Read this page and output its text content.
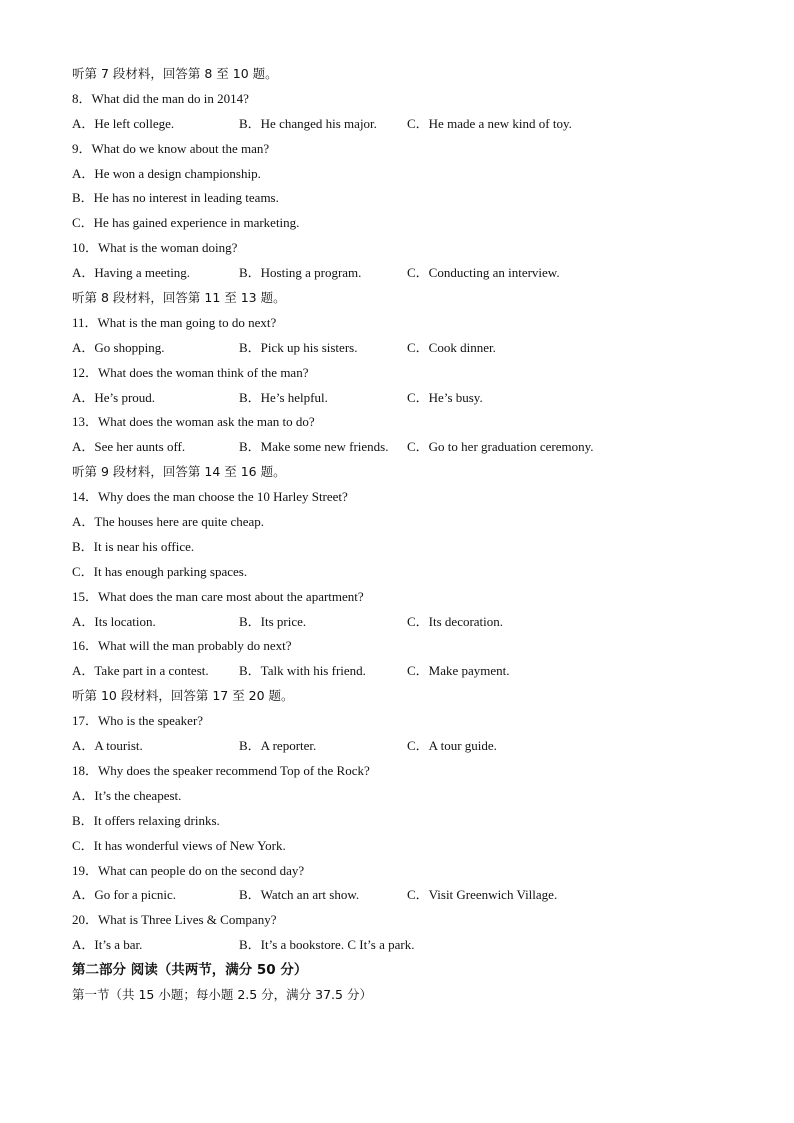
听第 7 段材料，回答第 8 至 10 题。
8．What did the man do in 2014?
A．He left college.	B．He changed his major. C．He made a new kind of toy.
9．What do we know about the man?
A．He won a design championship.
B．He has no interest in leading teams.
C．He has gained experience in marketing.
10．What is the woman doing?
A．Having a meeting.	B．Hosting a program.	C．Conducting an interview.
听第 8 段材料，回答第 11 至 13 题。
11．What is the man going to do next?
A．Go shopping.	B．Pick up his sisters.	C．Cook dinner.
12．What does the woman think of the man?
A．He’s proud.	B．He’s helpful.	C．He’s busy.
13．What does the woman ask the man to do?
A．See her aunts off.	B．Make some new friends. C．Go to her graduation ceremony.
听第 9 段材料，回答第 14 至 16 题。
14．Why does the man choose the 10 Harley Street?
A．The houses here are quite cheap.
B．It is near his office.
C．It has enough parking spaces.
15．What does the man care most about the apartment?
A．Its location.	B．Its price.	C．Its decoration.
16．What will the man probably do next?
A．Take part in a contest. B．Talk with his friend.	C．Make payment.
听第 10 段材料，回答第 17 至 20 题。
17．Who is the speaker?
A．A tourist.	B．A reporter.	C．A tour guide.
18．Why does the speaker recommend Top of the Rock?
A．It’s the cheapest.
B．It offers relaxing drinks.
C．It has wonderful views of New York.
19．What can people do on the second day?
A．Go for a picnic.	B．Watch an art show.	C．Visit Greenwich Village.
20．What is Three Lives & Company?
A．It’s a bar.	B．It’s a bookstore. C It’s a park.
第二部分 阅读（共两节，满分 50 分）
第一节（共 15 小题；每小题 2.5 分，满分 37.5 分）
